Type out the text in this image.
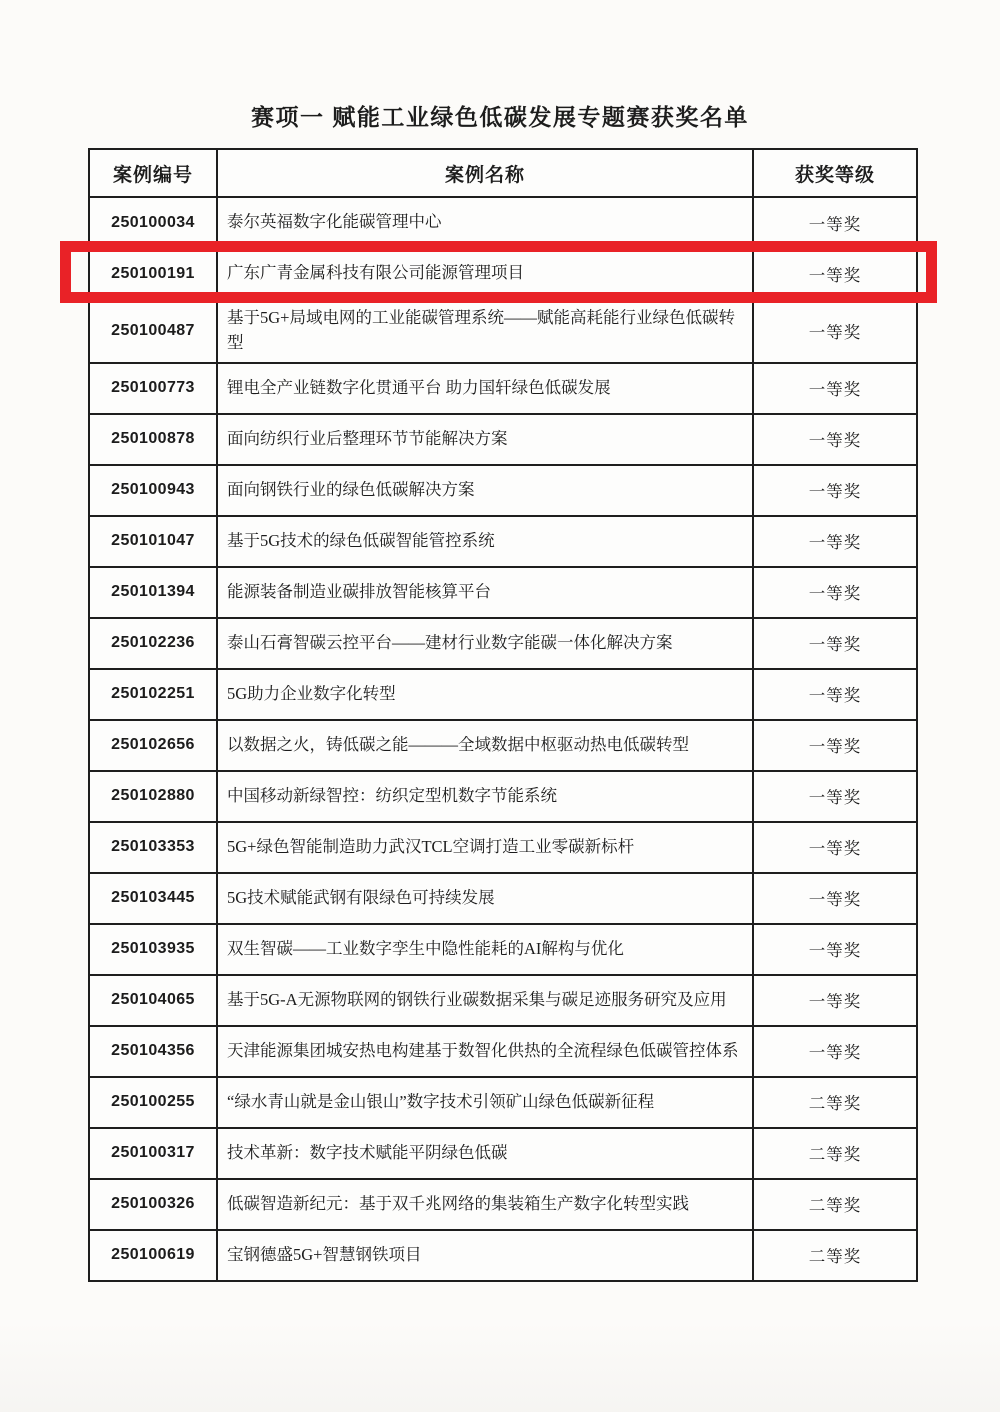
赛项一 赋能工业绿色低碳发展专题赛获奖名单
案例编号	案例名称	获奖等级
250100034	泰尔英福数字化能碳管理中心	一等奖
250100191	广东广青金属科技有限公司能源管理项目	一等奖
250100487	基于5G+局域电网的工业能碳管理系统——赋能高耗能行业绿色低碳转型	一等奖
250100773	锂电全产业链数字化贯通平台 助力国轩绿色低碳发展	一等奖
250100878	面向纺织行业后整理环节节能解决方案	一等奖
250100943	面向钢铁行业的绿色低碳解决方案	一等奖
250101047	基于5G技术的绿色低碳智能管控系统	一等奖
250101394	能源装备制造业碳排放智能核算平台	一等奖
250102236	泰山石膏智碳云控平台——建材行业数字能碳一体化解决方案	一等奖
250102251	5G助力企业数字化转型	一等奖
250102656	以数据之火，铸低碳之能———全域数据中枢驱动热电低碳转型	一等奖
250102880	中国移动新绿智控：纺织定型机数字节能系统	一等奖
250103353	5G+绿色智能制造助力武汉TCL空调打造工业零碳新标杆	一等奖
250103445	5G技术赋能武钢有限绿色可持续发展	一等奖
250103935	双生智碳——工业数字孪生中隐性能耗的AI解构与优化	一等奖
250104065	基于5G-A无源物联网的钢铁行业碳数据采集与碳足迹服务研究及应用	一等奖
250104356	天津能源集团城安热电构建基于数智化供热的全流程绿色低碳管控体系	一等奖
250100255	“绿水青山就是金山银山”数字技术引领矿山绿色低碳新征程	二等奖
250100317	技术革新：数字技术赋能平阴绿色低碳	二等奖
250100326	低碳智造新纪元：基于双千兆网络的集装箱生产数字化转型实践	二等奖
250100619	宝钢德盛5G+智慧钢铁项目	二等奖
